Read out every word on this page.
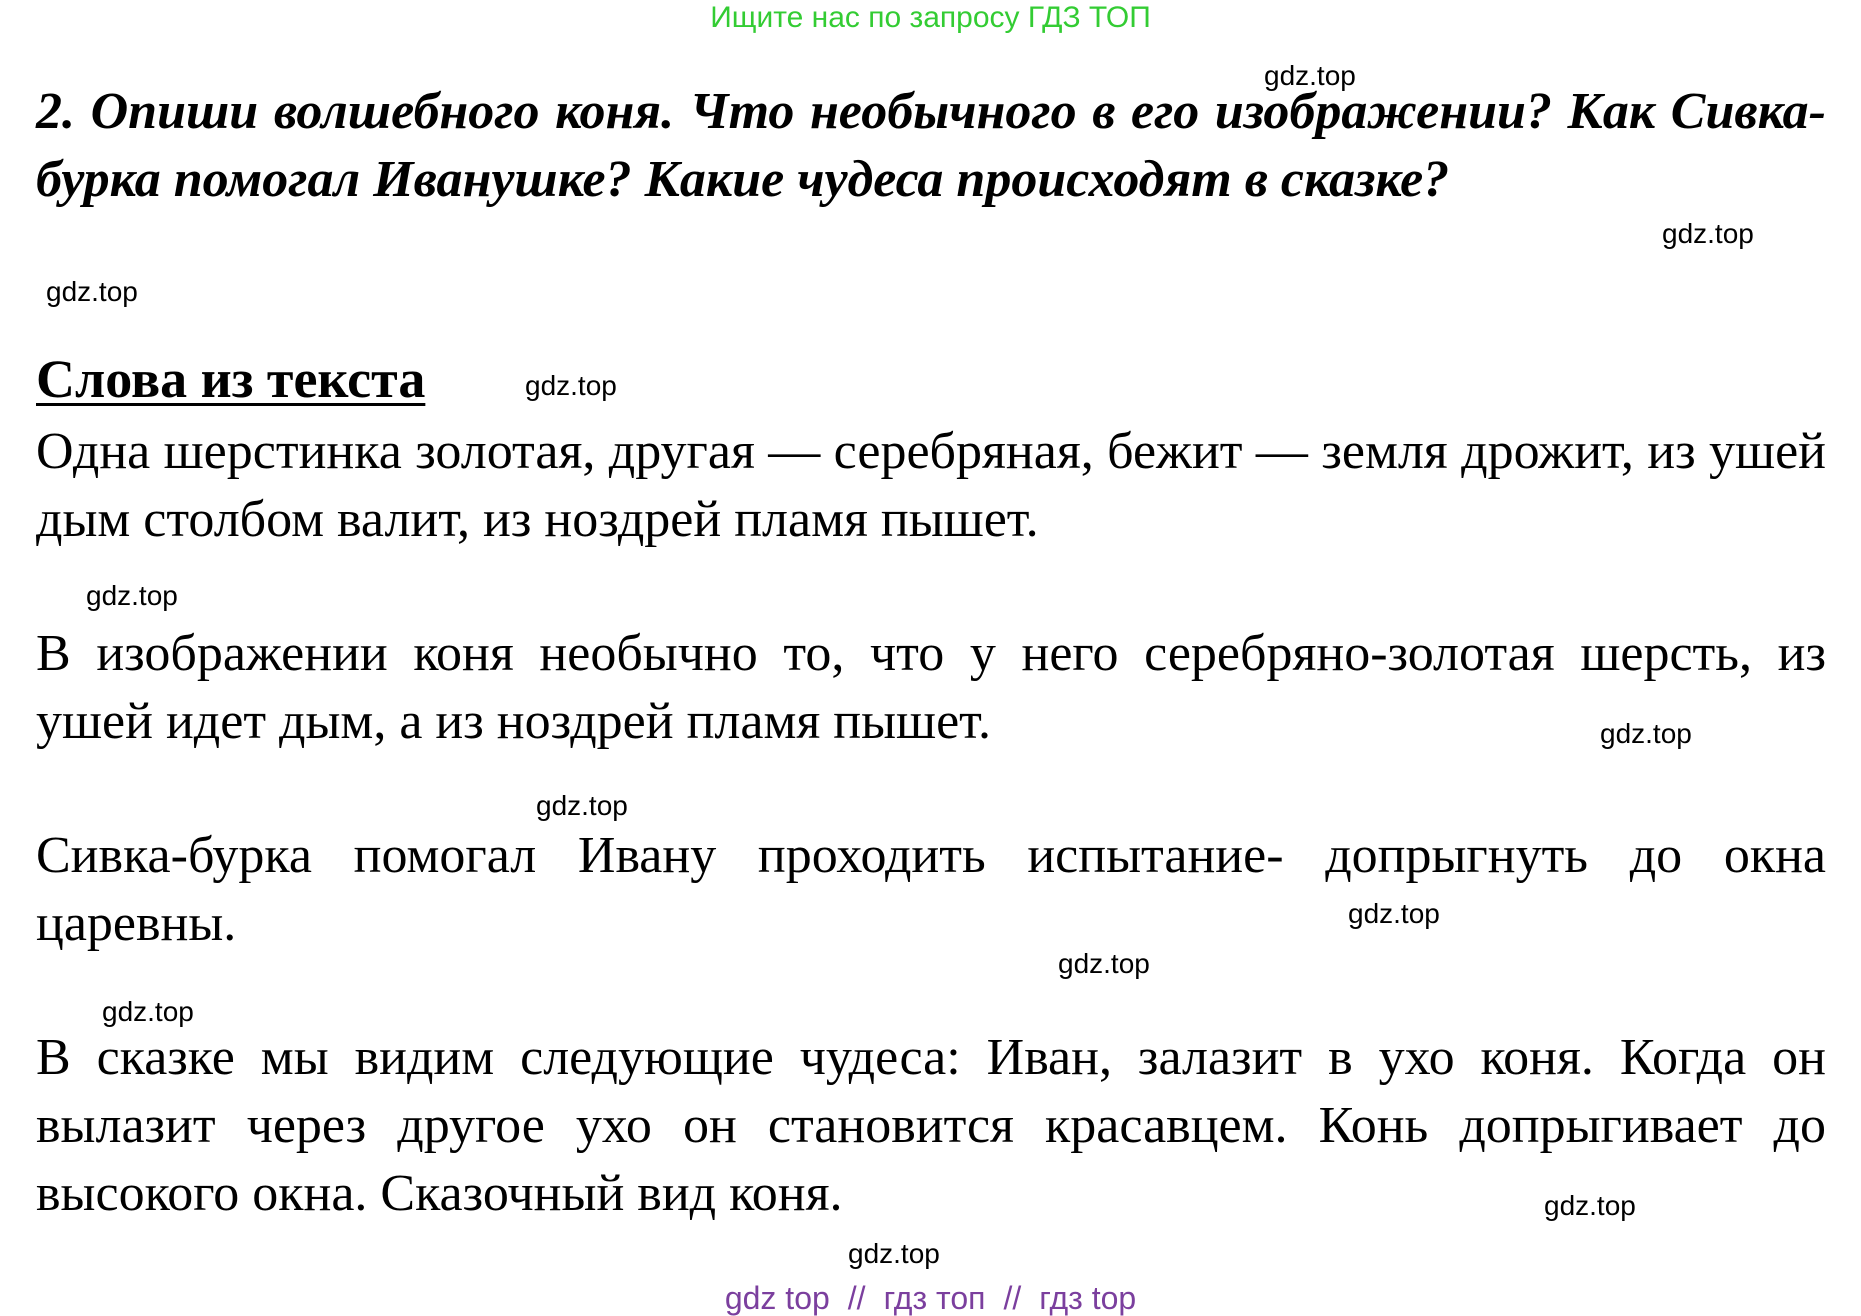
Ищите нас по запросу ГДЗ ТОП

2. Опиши волшебного коня. Что необычного в его изображении? Как Сивка-бурка помогал Иванушке? Какие чудеса происходят в сказке?

Слова из текста

Одна шерстинка золотая, другая — серебряная, бежит — земля дрожит, из ушей дым столбом валит, из ноздрей пламя пышет.

В изображении коня необычно то, что у него серебряно-золотая шерсть, из ушей идет дым, а из ноздрей пламя пышет.

Сивка-бурка помогал Ивану проходить испытание- допрыгнуть до окна царевны.

В сказке мы видим следующие чудеса: Иван, залазит в ухо коня. Когда он вылазит через другое ухо он становится красавцем. Конь допрыгивает до высокого окна. Сказочный вид коня.

gdz.top
gdz.top
gdz.top
gdz.top
gdz.top
gdz.top
gdz.top
gdz.top
gdz.top
gdz.top
gdz.top
gdz.top
gdz top // гдз топ // гдз top
